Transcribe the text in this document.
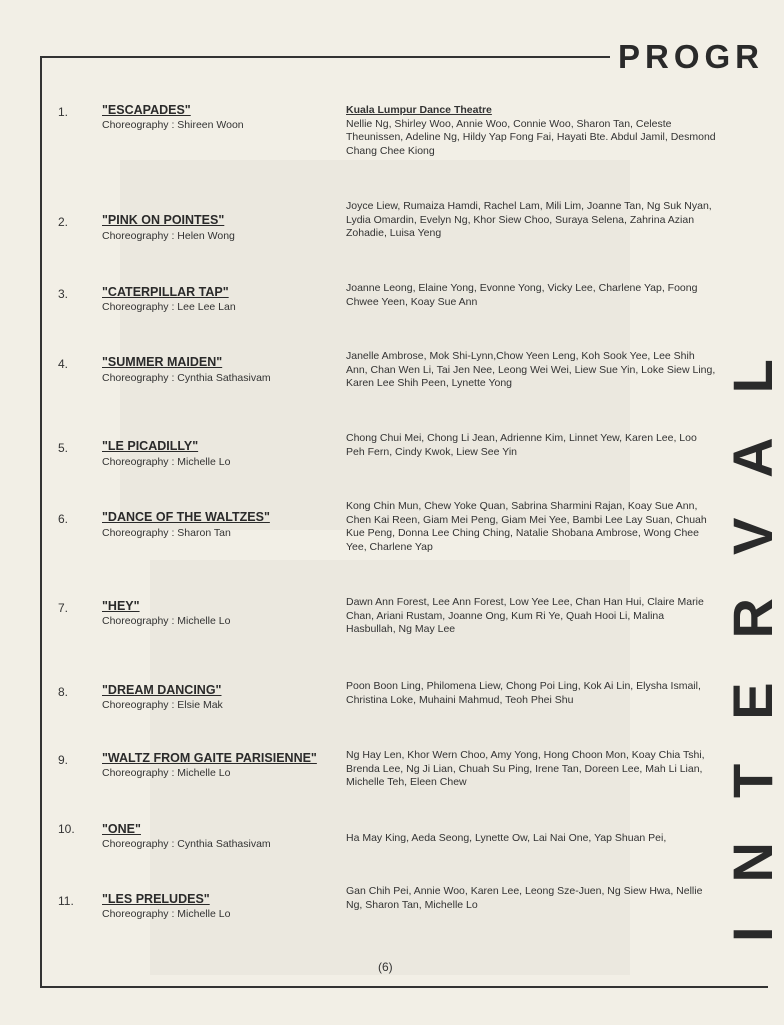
PROGR
INTERVAL
1.	"ESCAPADES"
Choreography : Shireen Woon
Kuala Lumpur Dance Theatre
Nellie Ng, Shirley Woo, Annie Woo, Connie Woo, Sharon Tan, Celeste Theunissen, Adeline Ng, Hildy Yap Fong Fai, Hayati Bte. Abdul Jamil, Desmond Chang Chee Kiong
2.	"PINK ON POINTES"
Choreography : Helen Wong
Joyce Liew, Rumaiza Hamdi, Rachel Lam, Mili Lim, Joanne Tan, Ng Suk Nyan, Lydia Omardin, Evelyn Ng, Khor Siew Choo, Suraya Selena, Zahrina Azian Zohadie, Luisa Yeng
3.	"CATERPILLAR TAP"
Choreography : Lee Lee Lan
Joanne Leong, Elaine Yong, Evonne Yong, Vicky Lee, Charlene Yap, Foong Chwee Yeen, Koay Sue Ann
4.	"SUMMER MAIDEN"
Choreography : Cynthia Sathasivam
Janelle Ambrose, Mok Shi-Lynn,Chow Yeen Leng, Koh Sook Yee, Lee Shih Ann, Chan Wen Li, Tai Jen Nee, Leong Wei Wei, Liew Sue Yin, Loke Siew Ling, Karen Lee Shih Peen, Lynette Yong
5.	"LE PICADILLY"
Choreography : Michelle Lo
Chong Chui Mei, Chong Li Jean, Adrienne Kim, Linnet Yew, Karen Lee, Loo Peh Fern, Cindy Kwok, Liew See Yin
6.	"DANCE OF THE WALTZES"
Choreography : Sharon Tan
Kong Chin Mun, Chew Yoke Quan, Sabrina Sharmini Rajan, Koay Sue Ann, Chen Kai Reen, Giam Mei Peng, Giam Mei Yee, Bambi Lee Lay Suan, Chuah Kue Peng, Donna Lee Ching Ching, Natalie Shobana Ambrose, Wong Chee Yee, Charlene Yap
7.	"HEY"
Choreography : Michelle Lo
Dawn Ann Forest, Lee Ann Forest, Low Yee Lee, Chan Han Hui, Claire Marie Chan, Ariani Rustam, Joanne Ong, Kum Ri Ye, Quah Hooi Li, Malina Hasbullah, Ng May Lee
8.	"DREAM DANCING"
Choreography : Elsie Mak
Poon Boon Ling, Philomena Liew, Chong Poi Ling, Kok Ai Lin, Elysha Ismail, Christina Loke, Muhaini Mahmud, Teoh Phei Shu
9.	"WALTZ FROM GAITE PARISIENNE"
Choreography : Michelle Lo
Ng Hay Len, Khor Wern Choo, Amy Yong, Hong Choon Mon, Koay Chia Tshi, Brenda Lee, Ng Ji Lian, Chuah Su Ping, Irene Tan, Doreen Lee, Mah Li Lian, Michelle Teh, Eleen Chew
10.	"ONE"
Choreography : Cynthia Sathasivam	Ha May King, Aeda Seong, Lynette Ow, Lai Nai One, Yap Shuan Pei,
11.	"LES PRELUDES"
Choreography : Michelle Lo
Gan Chih Pei, Annie Woo, Karen Lee, Leong Sze-Juen, Ng Siew Hwa, Nellie Ng, Sharon Tan, Michelle Lo
(6)
